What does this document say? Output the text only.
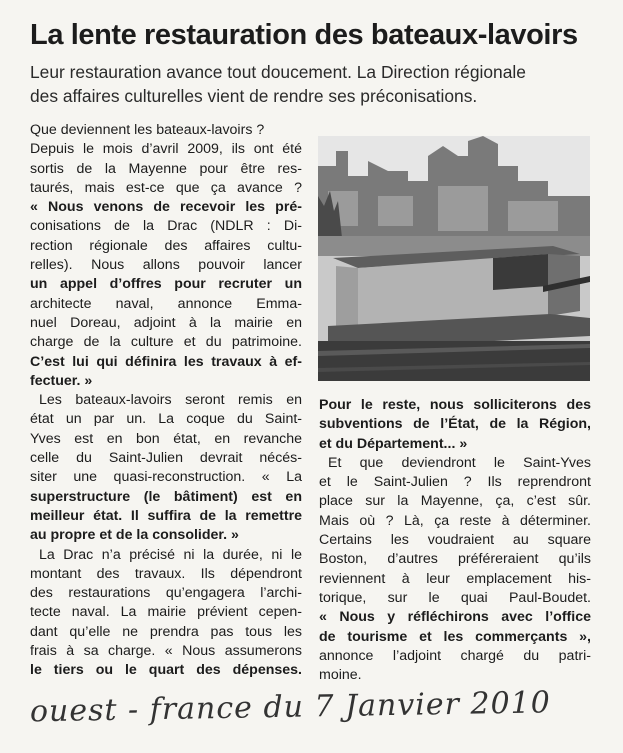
La lente restauration des bateaux-lavoirs
Leur restauration avance tout doucement. La Direction régionale
des affaires culturelles vient de rendre ses préconisations.
Que deviennent les bateaux-lavoirs ?
Depuis le mois d’avril 2009, ils ont été
sortis de la Mayenne pour être res-
taurés, mais est-ce que ça avance ?
« Nous venons de recevoir les pré-
conisations de la Drac (NDLR : Di-
rection régionale des affaires cultu-
relles). Nous allons pouvoir lancer
un appel d’offres pour recruter un
architecte naval, annonce Emma-
nuel Doreau, adjoint à la mairie en
charge de la culture et du patrimoine.
C’est lui qui définira les travaux à ef-
fectuer. »
Les bateaux-lavoirs seront remis en
état un par un. La coque du Saint-
Yves est en bon état, en revanche
celle du Saint-Julien devrait nécés-
siter une quasi-reconstruction. « La
superstructure (le bâtiment) est en
meilleur état. Il suffira de la remettre
au propre et de la consolider. »
La Drac n’a précisé ni la durée, ni le
montant des travaux. Ils dépendront
des restaurations qu’engagera l’archi-
tecte naval. La mairie prévient cepen-
dant qu’elle ne prendra pas tous les
frais à sa charge. « Nous assumerons
le tiers ou le quart des dépenses.
Pour le reste, nous solliciterons des
subventions de l’État, de la Région,
et du Département... »
Et que deviendront le Saint-Yves
et le Saint-Julien ? Ils reprendront
place sur la Mayenne, ça, c’est sûr.
Mais où ? Là, ça reste à déterminer.
Certains les voudraient au square
Boston, d’autres préféreraient qu’ils
reviennent à leur emplacement his-
torique, sur le quai Paul-Boudet.
« Nous y réfléchirons avec l’office
de tourisme et les commerçants »,
annonce l’adjoint chargé du patri-
moine.
ouest - france du 7 Janvier 2010
